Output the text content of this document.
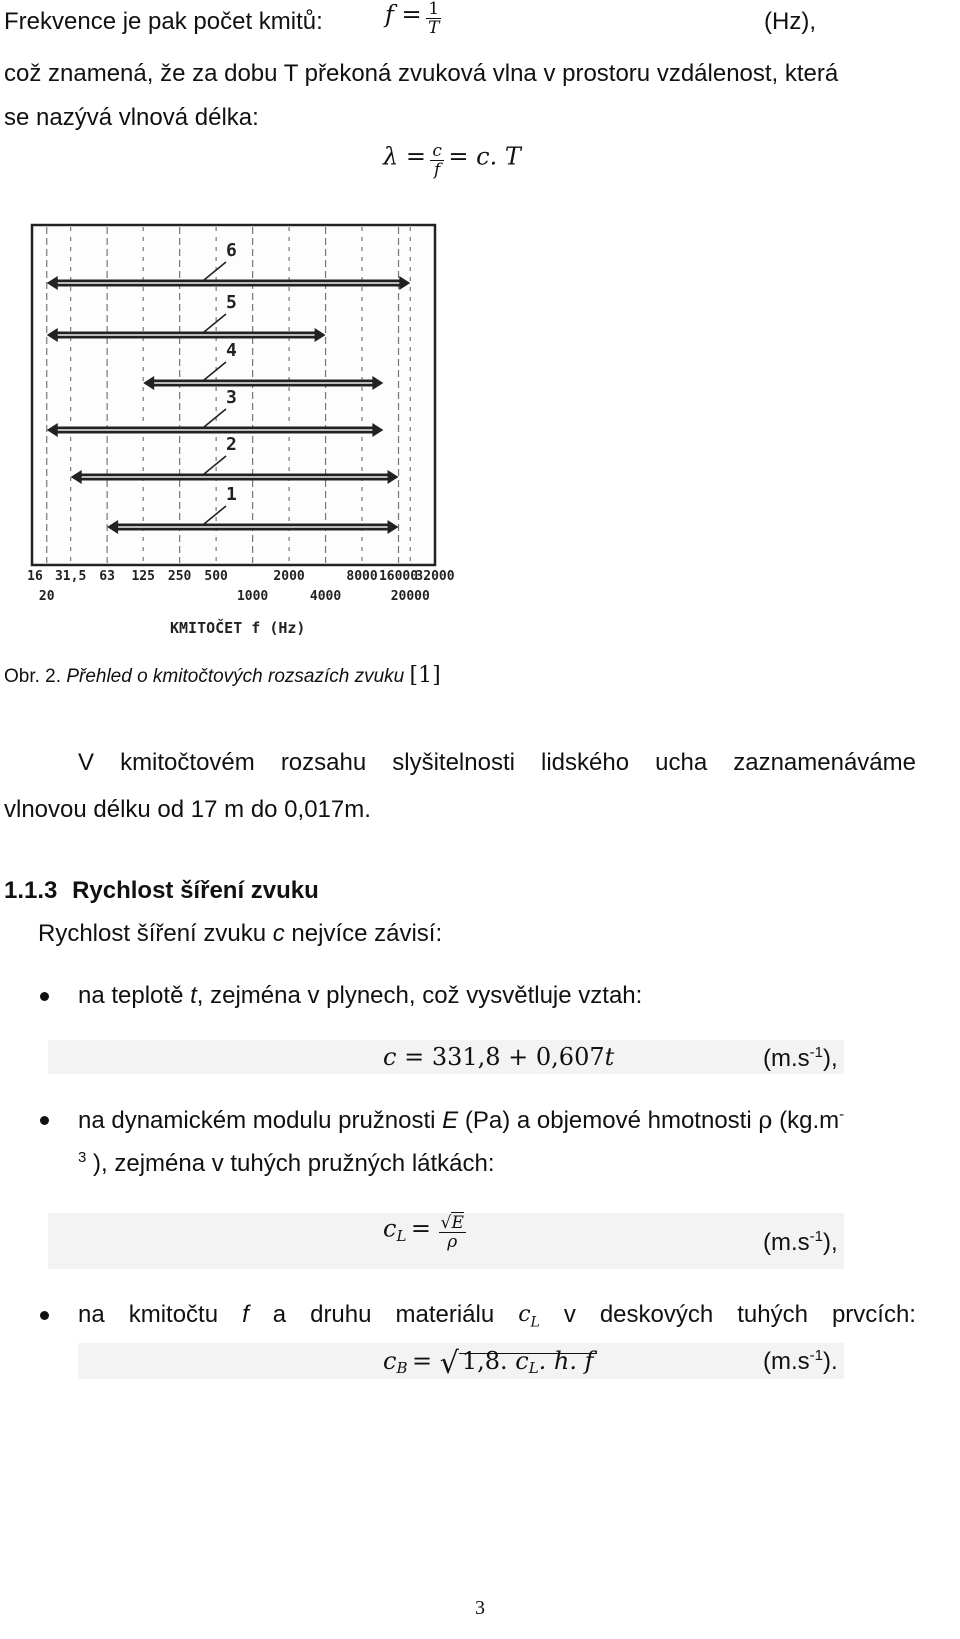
Frekvence je pak počet kmitů:	$f = \frac{1}{T}$	(Hz),
což znamená, že za dobu T překoná zvuková vlna v prostoru vzdálenost, která
se nazývá vlnová délka:
$\lambda = \frac{c}{f} = c$. T
1
2
3
4
5
6
16 31,5 63 125 250 500	2000	8000 16000
32000
20	1000	4000	20000
KMITOČET f (Hz)
Obr. 2. Přehled o kmitočtových rozsazích zvuku [1]
V kmitočtovém rozsahu slyšitelnosti lidského ucha zaznamenáváme
vlnovou délku od 17 m do 0,017m.
1.1.3 Rychlost šíření zvuku
Rychlost šíření zvuku c nejvíce závisí:
na teplotě t, zejména v plynech, což vysvětluje vztah:
c = 331,8 + 0,607t	$(m.s^{-1})$,
na dynamickém modulu pružnosti E (Pa) a objemové hmotnosti ρ (kg.m-
$^3$ ), zejména v tuhých pružných látkách:
$c_L = \frac{√E}{\rho}$	$(m.s^{-1})$,
na kmitočtu f a druhu materiálu $c_L$ v deskových tuhých prvcích:
$c_B$ = √ 1,8. $c_L$. h. f	$(m.s^{-1})$.
3
